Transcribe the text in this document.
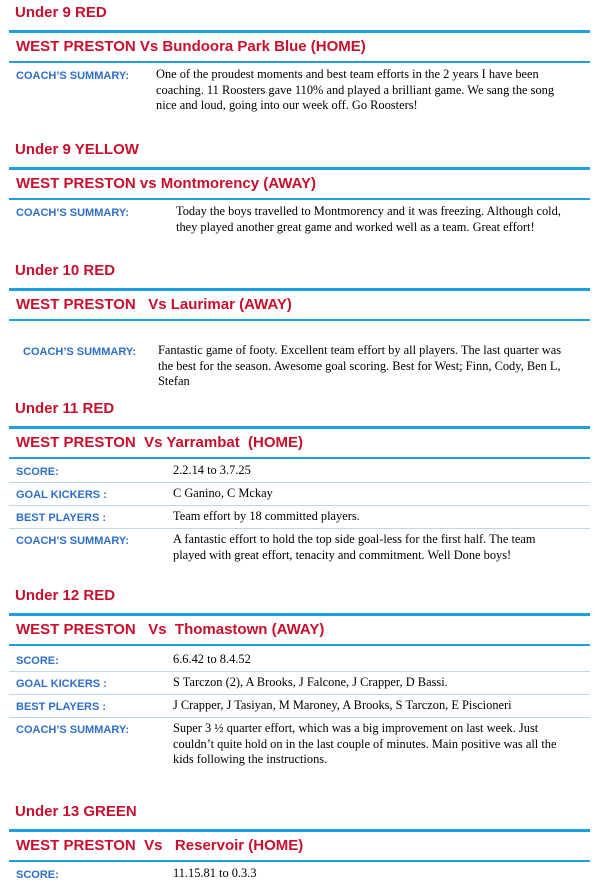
Under 9 RED
WEST PRESTON Vs Bundoora Park Blue (HOME)
COACH’S SUMMARY: One of the proudest moments and best team efforts in the 2 years I have been coaching. 11 Roosters gave 110% and played a brilliant game. We sang the song nice and loud, going into our week off. Go Roosters!
Under 9 YELLOW
WEST PRESTON vs Montmorency (AWAY)
COACH’S SUMMARY:	Today the boys travelled to Montmorency and it was freezing. Although cold, they played another great game and worked well as a team. Great effort!
Under 10 RED
WEST PRESTON   Vs Laurimar (AWAY)
COACH’S SUMMARY: Fantastic game of footy. Excellent team effort by all players. The last quarter was the best for the season. Awesome goal scoring. Best for West; Finn, Cody, Ben L, Stefan
Under 11 RED
WEST PRESTON  Vs Yarrambat  (HOME)
SCORE:	2.2.14 to 3.7.25
GOAL KICKERS :	C Ganino, C Mckay
BEST PLAYERS :	Team effort by 18 committed players.
COACH’S SUMMARY:	A fantastic effort to hold the top side goal-less for the first half. The team played with great effort, tenacity and commitment. Well Done boys!
Under 12 RED
WEST PRESTON   Vs  Thomastown (AWAY)
SCORE:	6.6.42 to 8.4.52
GOAL KICKERS :	S Tarczon (2), A Brooks, J Falcone, J Crapper, D Bassi.
BEST PLAYERS :	J Crapper, J Tasiyan, M Maroney, A Brooks, S Tarczon, E Piscioneri
COACH’S SUMMARY:	Super 3 ½ quarter effort, which was a big improvement on last week. Just couldn’t quite hold on in the last couple of minutes. Main positive was all the kids following the instructions.
Under 13 GREEN
WEST PRESTON  Vs   Reservoir (HOME)
SCORE:	11.15.81 to 0.3.3
